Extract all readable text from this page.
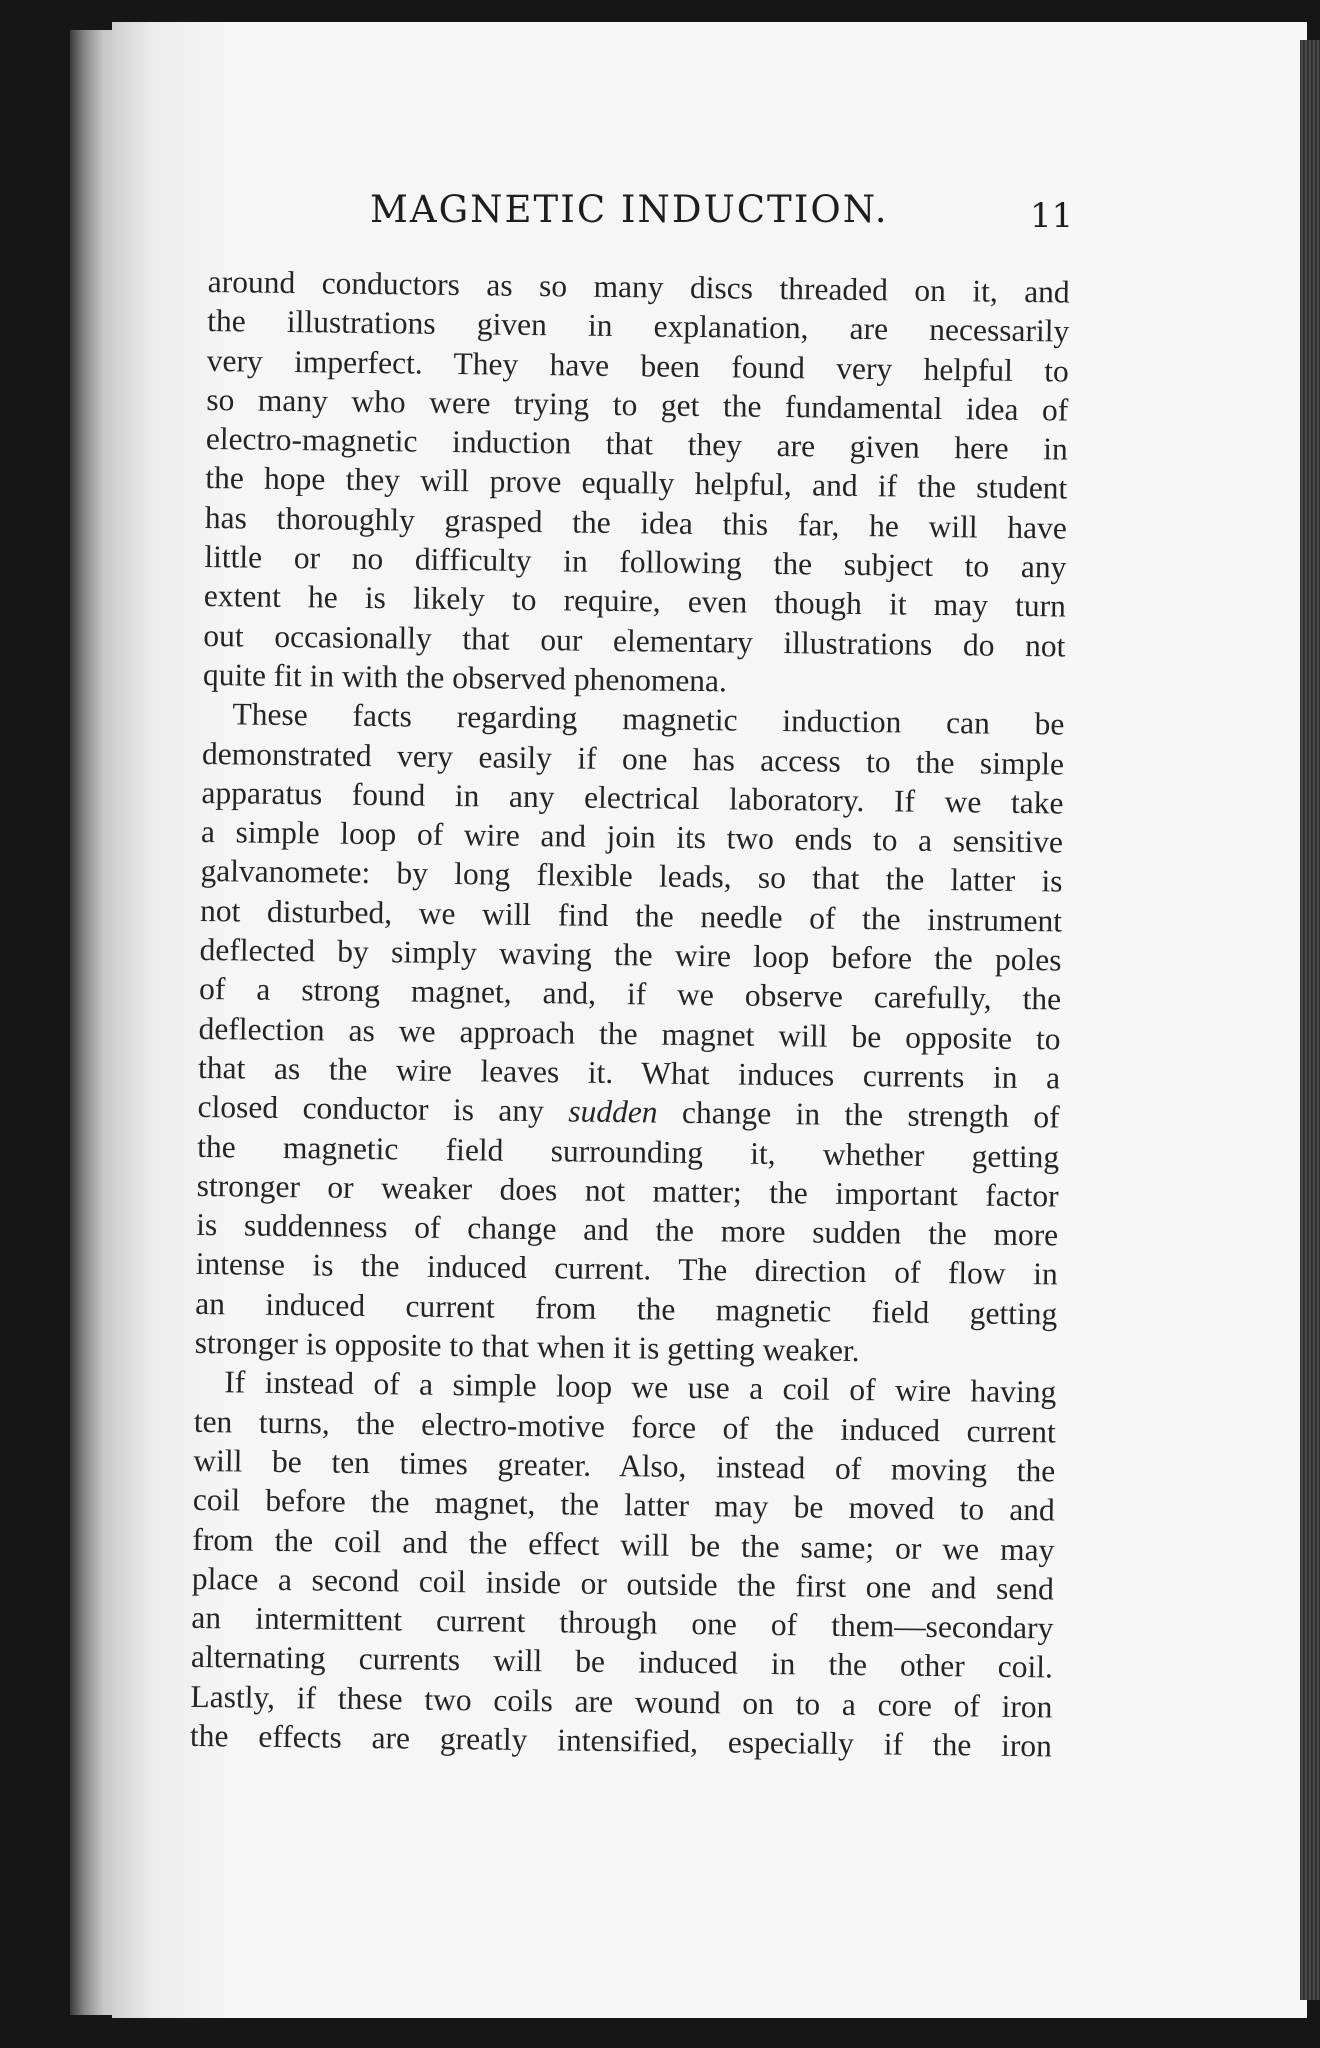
MAGNETIC INDUCTION.	11

around conductors as so many discs threaded on it, and
the illustrations given in explanation, are necessarily
very imperfect. They have been found very helpful to
so many who were trying to get the fundamental idea of
electro-magnetic induction that they are given here in
the hope they will prove equally helpful, and if the student
has thoroughly grasped the idea this far, he will have
little or no difficulty in following the subject to any
extent he is likely to require, even though it may turn
out occasionally that our elementary illustrations do not
quite fit in with the observed phenomena.

These facts regarding magnetic induction can be
demonstrated very easily if one has access to the simple
apparatus found in any electrical laboratory. If we take
a simple loop of wire and join its two ends to a sensitive
galvanomete: by long flexible leads, so that the latter is
not disturbed, we will find the needle of the instrument
deflected by simply waving the wire loop before the poles
of a strong magnet, and, if we observe carefully, the
deflection as we approach the magnet will be opposite to
that as the wire leaves it. What induces currents in a
closed conductor is any sudden change in the strength of
the magnetic field surrounding it, whether getting
stronger or weaker does not matter; the important factor
is suddenness of change and the more sudden the more
intense is the induced current. The direction of flow in
an induced current from the magnetic field getting
stronger is opposite to that when it is getting weaker.

If instead of a simple loop we use a coil of wire having
ten turns, the electro-motive force of the induced current
will be ten times greater. Also, instead of moving the
coil before the magnet, the latter may be moved to and
from the coil and the effect will be the same; or we may
place a second coil inside or outside the first one and send
an intermittent current through one of them—secondary
alternating currents will be induced in the other coil.
Lastly, if these two coils are wound on to a core of iron
the effects are greatly intensified, especially if the iron
